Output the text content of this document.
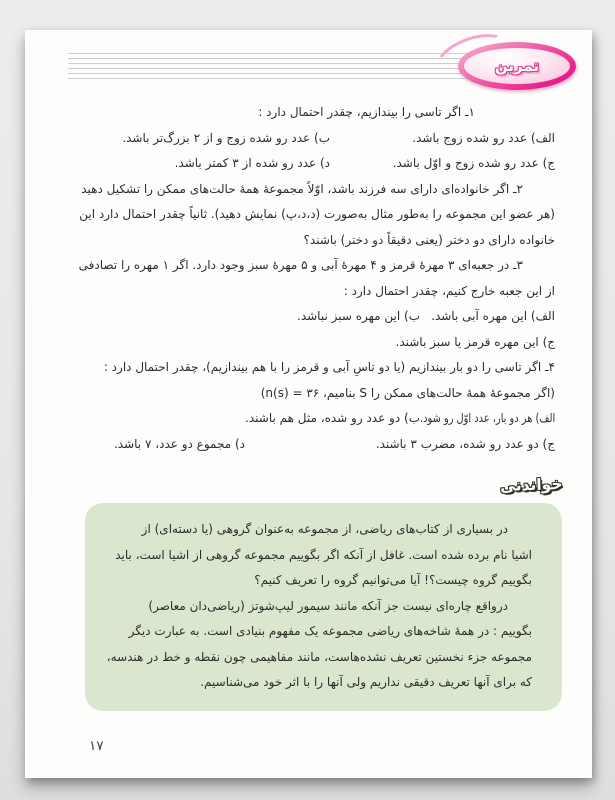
تمرین
۱ـ اگر تاسی را بیندازیم، چقدر احتمال دارد :
الف) عدد رو شده زوج باشد.
ب) عدد رو شده زوج و از ۲ بزرگ‌تر باشد.
ج) عدد رو شده زوج و اوّل باشد.
د) عدد رو شده از ۳ کمتر باشد.
۲ـ اگر خانواده‌ای دارای سه فرزند باشد، اوّلاً مجموعهٔ همهٔ حالت‌های ممکن را تشکیل دهید
(هر عضو این مجموعه را به‌طور مثال به‌صورت (د،د،پ) نمایش دهید). ثانیاً چقدر احتمال دارد این
خانواده دارای دو دختر (یعنی دقیقاً دو دختر) باشند؟
۳ـ در جعبه‌ای ۳ مهرهٔ قرمز و ۴ مهرهٔ آبی و ۵ مهرهٔ سبز وجود دارد. اگر ۱ مهره را تصادفی
از این جعبه خارج کنیم، چقدر احتمال دارد :
الف) این مهره آبی باشد.
ب) این مهره سبز نباشد.
ج) این مهره قرمز یا سبز باشند.
۴ـ اگر تاسی را دو بار بیندازیم (یا دو تاسِ آبی و قرمز را با هم بیندازیم)، چقدر احتمال دارد :
(اگر مجموعهٔ همهٔ حالت‌های ممکن را S بنامیم، (n(s) = ۳۶
الف) هر دو بار، عدد اوّل رو شود.
ب) دو عدد رو شده، مثل هم باشند.
ج) دو عدد رو شده، مضرب ۳ باشند.
د) مجموع دو عدد، ۷ باشد.
خواندنی
در بسیاری از کتاب‌های ریاضی، از مجموعه به‌عنوان گروهی (یا دسته‌ای) از
اشیا نام برده شده است. غافل از آنکه اگر بگوییم مجموعه گروهی از اشیا است، باید
بگوییم گروه چیست؟! آیا می‌توانیم گروه را تعریف کنیم؟
درواقع چاره‌ای نیست جز آنکه مانند سیمور لیپ‌شوتز (ریاضی‌دان معاصر)
بگوییم : در همهٔ شاخه‌های ریاضی مجموعه یک مفهوم بنیادی است. به عبارت دیگر
مجموعه جزء نخستین تعریف نشده‌هاست، مانند مفاهیمی چون نقطه و خط در هندسه،
که برای آنها تعریف دقیقی نداریم ولی آنها را با اثر خود می‌شناسیم.
۱۷
